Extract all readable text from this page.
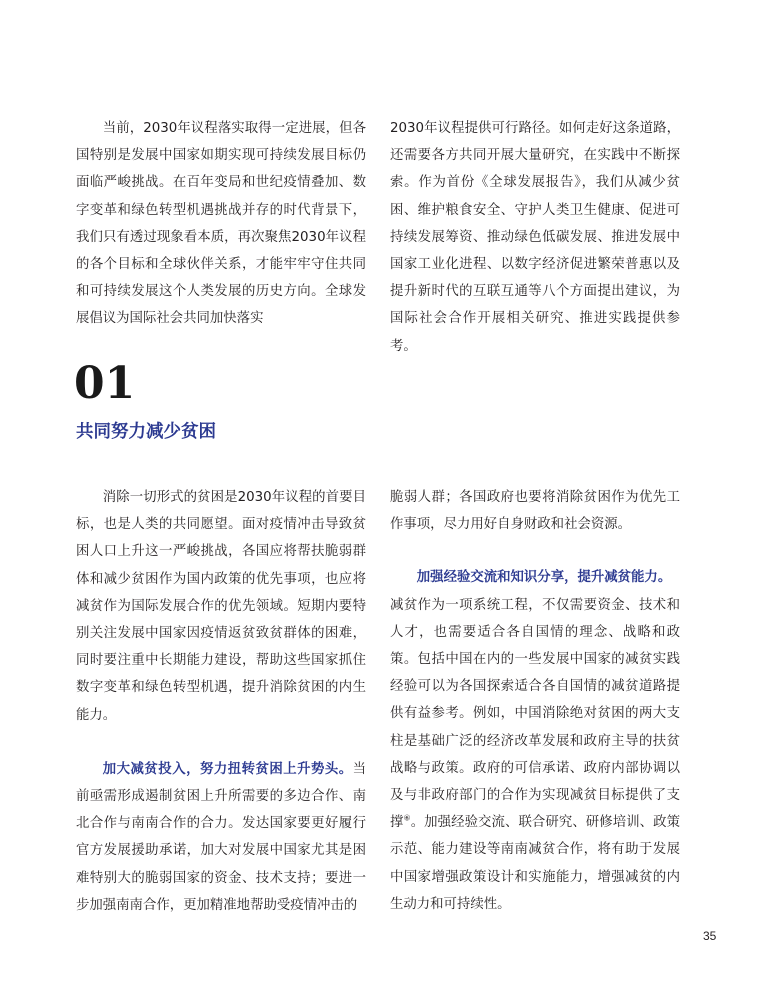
当前，2030年议程落实取得一定进展，但各国特别是发展中国家如期实现可持续发展目标仍面临严峻挑战。在百年变局和世纪疫情叠加、数字变革和绿色转型机遇挑战并存的时代背景下，我们只有透过现象看本质，再次聚焦2030年议程的各个目标和全球伙伴关系，才能牢牢守住共同和可持续发展这个人类发展的历史方向。全球发展倡议为国际社会共同加快落实

2030年议程提供可行路径。如何走好这条道路，还需要各方共同开展大量研究，在实践中不断探索。作为首份《全球发展报告》，我们从减少贫困、维护粮食安全、守护人类卫生健康、促进可持续发展筹资、推动绿色低碳发展、推进发展中国家工业化进程、以数字经济促进繁荣普惠以及提升新时代的互联互通等八个方面提出建议，为国际社会合作开展相关研究、推进实践提供参考。

01
共同努力减少贫困

消除一切形式的贫困是2030年议程的首要目标，也是人类的共同愿望。面对疫情冲击导致贫困人口上升这一严峻挑战，各国应将帮扶脆弱群体和减少贫困作为国内政策的优先事项，也应将减贫作为国际发展合作的优先领域。短期内要特别关注发展中国家因疫情返贫致贫群体的困难，同时要注重中长期能力建设，帮助这些国家抓住数字变革和绿色转型机遇，提升消除贫困的内生能力。

加大减贫投入，努力扭转贫困上升势头。当前亟需形成遏制贫困上升所需要的多边合作、南北合作与南南合作的合力。发达国家要更好履行官方发展援助承诺，加大对发展中国家尤其是困难特别大的脆弱国家的资金、技术支持；要进一步加强南南合作，更加精准地帮助受疫情冲击的

脆弱人群；各国政府也要将消除贫困作为优先工作事项，尽力用好自身财政和社会资源。

加强经验交流和知识分享，提升减贫能力。
减贫作为一项系统工程，不仅需要资金、技术和人才，也需要适合各自国情的理念、战略和政策。包括中国在内的一些发展中国家的减贫实践经验可以为各国探索适合各自国情的减贫道路提供有益参考。例如，中国消除绝对贫困的两大支柱是基础广泛的经济改革发展和政府主导的扶贫战略与政策。政府的可信承诺、政府内部协调以及与非政府部门的合作为实现减贫目标提供了支撑⑥。加强经验交流、联合研究、研修培训、政策示范、能力建设等南南减贫合作，将有助于发展中国家增强政策设计和实施能力，增强减贫的内生动力和可持续性。

35
